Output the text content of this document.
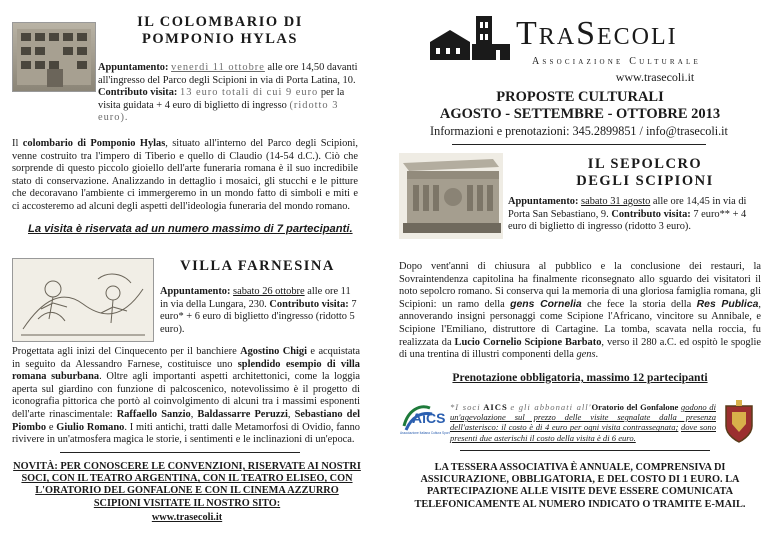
IL COLOMBARIO DI
POMPONIO HYLAS
Appuntamento: venerdì 11 ottobre alle ore 14,50 davanti all'ingresso del Parco degli Scipioni in via di Porta Latina, 10. Contributo visita: 13 euro totali di cui 9 euro per la visita guidata + 4 euro di biglietto di ingresso (ridotto 3 euro).
Il colombario di Pomponio Hylas, situato all'interno del Parco degli Scipioni, venne costruito tra l'impero di Tiberio e quello di Claudio (14-54 d.C.). Ciò che sorprende di questo piccolo gioiello dell'arte funeraria romana è il suo incredibile stato di conservazione. Analizzando in dettaglio i mosaici, gli stucchi e le pitture che decoravano l'ambiente ci immergeremo in un mondo fatto di simboli e miti e ci accosteremo ad alcuni degli aspetti dell'ideologia funeraria del mondo romano.
La visita è riservata ad un numero massimo di 7 partecipanti.
VILLA FARNESINA
Appuntamento: sabato 26 ottobre alle ore 11 in via della Lungara, 230. Contributo visita: 7 euro* + 6 euro di biglietto d'ingresso (ridotto 5 euro).
Progettata agli inizi del Cinquecento per il banchiere Agostino Chigi e acquistata in seguito da Alessandro Farnese, costituisce uno splendido esempio di villa romana suburbana. Oltre agli importanti aspetti architettonici, come la loggia aperta sul giardino con funzione di palcoscenico, notevolissimo è il progetto di iconografia pittorica che portò al coinvolgimento di alcuni tra i massimi esponenti dell'arte rinascimentale: Raffaello Sanzio, Baldassarre Peruzzi, Sebastiano del Piombo e Giulio Romano. I miti antichi, tratti dalle Metamorfosi di Ovidio, fanno rivivere in un'atmosfera magica le storie, i sentimenti e le inclinazioni di un'epoca.
NOVITÀ: PER CONOSCERE LE CONVENZIONI, RISERVATE AI NOSTRI SOCI, CON IL TEATRO ARGENTINA, CON IL TEATRO ELISEO, CON L'ORATORIO DEL GONFALONE E CON IL CINEMA AZZURRO SCIPIONI VISITATE IL NOSTRO SITO:
www.trasecoli.it
TraSecoli
Associazione Culturale
www.trasecoli.it
PROPOSTE CULTURALI
AGOSTO - SETTEMBRE - OTTOBRE 2013
Informazioni e prenotazioni: 345.2899851 / info@trasecoli.it
IL SEPOLCRO
DEGLI SCIPIONI
Appuntamento: sabato 31 agosto alle ore 14,45 in via di Porta San Sebastiano, 9. Contributo visita: 7 euro** + 4 euro di biglietto di ingresso (ridotto 3 euro).
Dopo vent'anni di chiusura al pubblico e la conclusione dei restauri, la Sovraintendenza capitolina ha finalmente riconsegnato allo sguardo dei visitatori il noto sepolcro romano. Si conserva qui la memoria di una gloriosa famiglia romana, gli Scipioni: un ramo della gens Cornelia che fece la storia della Res Publica, annoverando insigni personaggi come Scipione l'Africano, vincitore su Annibale, e Scipione l'Emiliano, distruttore di Cartagine. La tomba, scavata nella roccia, fu realizzata da Lucio Cornelio Scipione Barbato, verso il 280 a.C. ed ospitò le spoglie di una trentina di illustri componenti della gens.
Prenotazione obbligatoria, massimo 12 partecipanti
AiCS
Associazione Italiana Cultura Sport
*I soci AICS e gli abbonati all'Oratorio del Gonfalone godono di un'agevolazione sul prezzo delle visite segnalate dalla presenza dell'asterisco: il costo è di 4 euro per ogni visita contrassegnata; dove sono presenti due asterischi il costo della visita è di 6 euro.
LA TESSERA ASSOCIATIVA È ANNUALE, COMPRENSIVA DI ASSICURAZIONE, OBBLIGATORIA, E DEL COSTO DI 1 EURO. LA PARTECIPAZIONE ALLE VISITE DEVE ESSERE COMUNICATA TELEFONICAMENTE AL NUMERO INDICATO O TRAMITE E-MAIL.
